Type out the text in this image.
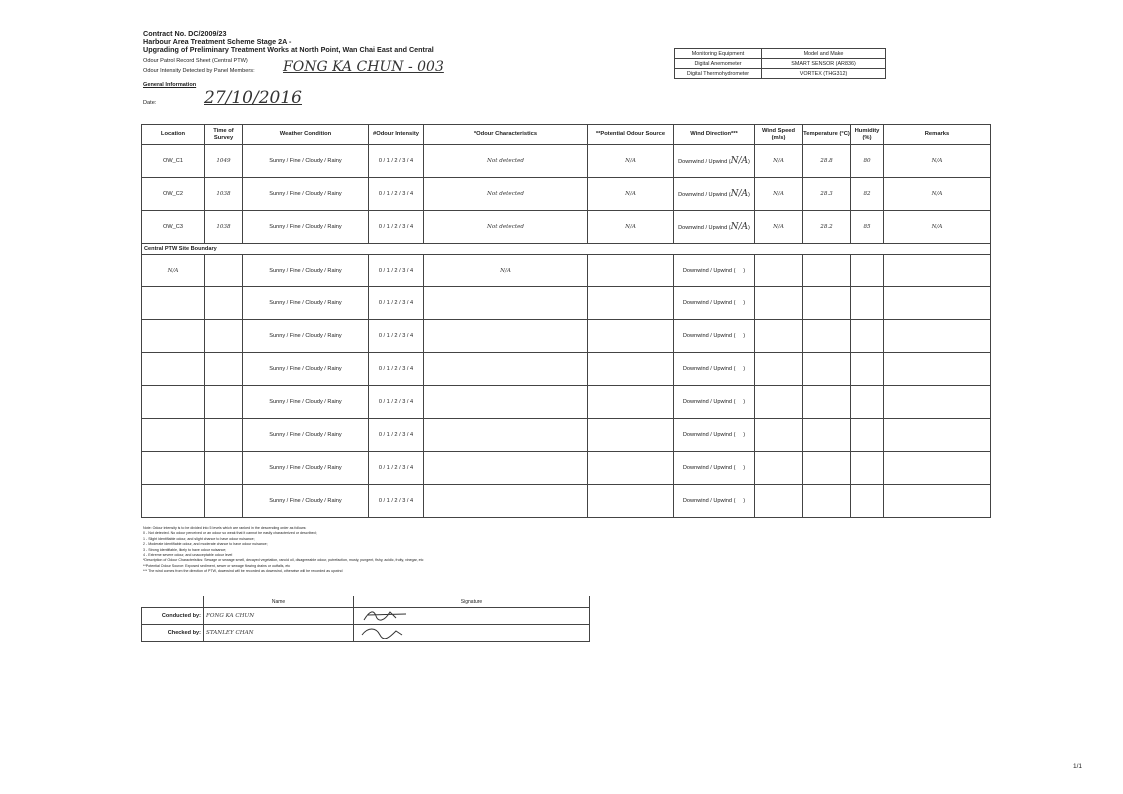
Contract No. DC/2009/23
Harbour Area Treatment Scheme Stage 2A -
Upgrading of Preliminary Treatment Works at North Point, Wan Chai East and Central
Odour Patrol Record Sheet (Central PTW)
Odour Intensity Detected by Panel Members:
General Information
Date:
FONG KA CHUN - 003
27/10/2016
Monitoring Equipment	Model and Make
Digital Anemometer	SMART SENSOR (AR836)
Digital Thermohydrometer	VORTEX (THG312)
Location	Time of Survey	Weather Condition	#Odour Intensity	*Odour Characteristics	**Potential Odour Source	Wind Direction***	Wind Speed (m/s)	Temperature (°C)	Humidity (%)	Remarks
OW_C1	1049	Sunny / Fine / Cloudy / Rainy	0 / 1 / 2 / 3 / 4	Not detected	N/A	Downwind / Upwind (N/A)	N/A	28.8	80	N/A
OW_C2	1038	Sunny / Fine / Cloudy / Rainy	0 / 1 / 2 / 3 / 4	Not detected	N/A	Downwind / Upwind (N/A)	N/A	28.3	82	N/A
OW_C3	1038	Sunny / Fine / Cloudy / Rainy	0 / 1 / 2 / 3 / 4	Not detected	N/A	Downwind / Upwind (N/A)	N/A	28.2	85	N/A
Central PTW Site Boundary										
N/A		Sunny / Fine / Cloudy / Rainy	0 / 1 / 2 / 3 / 4	N/A		Downwind / Upwind ( )				
		Sunny / Fine / Cloudy / Rainy	0 / 1 / 2 / 3 / 4			Downwind / Upwind ( )				
		Sunny / Fine / Cloudy / Rainy	0 / 1 / 2 / 3 / 4			Downwind / Upwind ( )				
		Sunny / Fine / Cloudy / Rainy	0 / 1 / 2 / 3 / 4			Downwind / Upwind ( )				
		Sunny / Fine / Cloudy / Rainy	0 / 1 / 2 / 3 / 4			Downwind / Upwind ( )				
		Sunny / Fine / Cloudy / Rainy	0 / 1 / 2 / 3 / 4			Downwind / Upwind ( )				
		Sunny / Fine / Cloudy / Rainy	0 / 1 / 2 / 3 / 4			Downwind / Upwind ( )				
		Sunny / Fine / Cloudy / Rainy	0 / 1 / 2 / 3 / 4			Downwind / Upwind ( )				
Note: Odour intensity is to be divided into 5 levels which are ranked in the descending order as follows:
0 - Not detected. No odour perceived or an odour so weak that it cannot be easily characterized or described;
1 - Slight identifiable odour, and slight chance to have odour nuisance;
2 - Moderate identifiable odour, and moderate chance to have odour nuisance;
3 - Strong identifiable, likely to have odour nuisance;
4 - Extreme severe odour, and unacceptable odour level
*Description of Odour Characteristics: Sewage or sewage smell, decayed vegetation, rancid oil, disagreeable odour, putrefaction, musty, pungent, fishy, acidic, fruity, vinegar, etc
**Potential Odour Source: Exposed sediment, sewer or sewage flowing drains or outfalls, etc
*** The wind comes from the direction of PTW, downwind will be recorded as downwind, otherwise will be recorded as upwind
	Name	Signature
Conducted by:	FONG KA CHUN	
Checked by:	STANLEY CHAN	
1/1
